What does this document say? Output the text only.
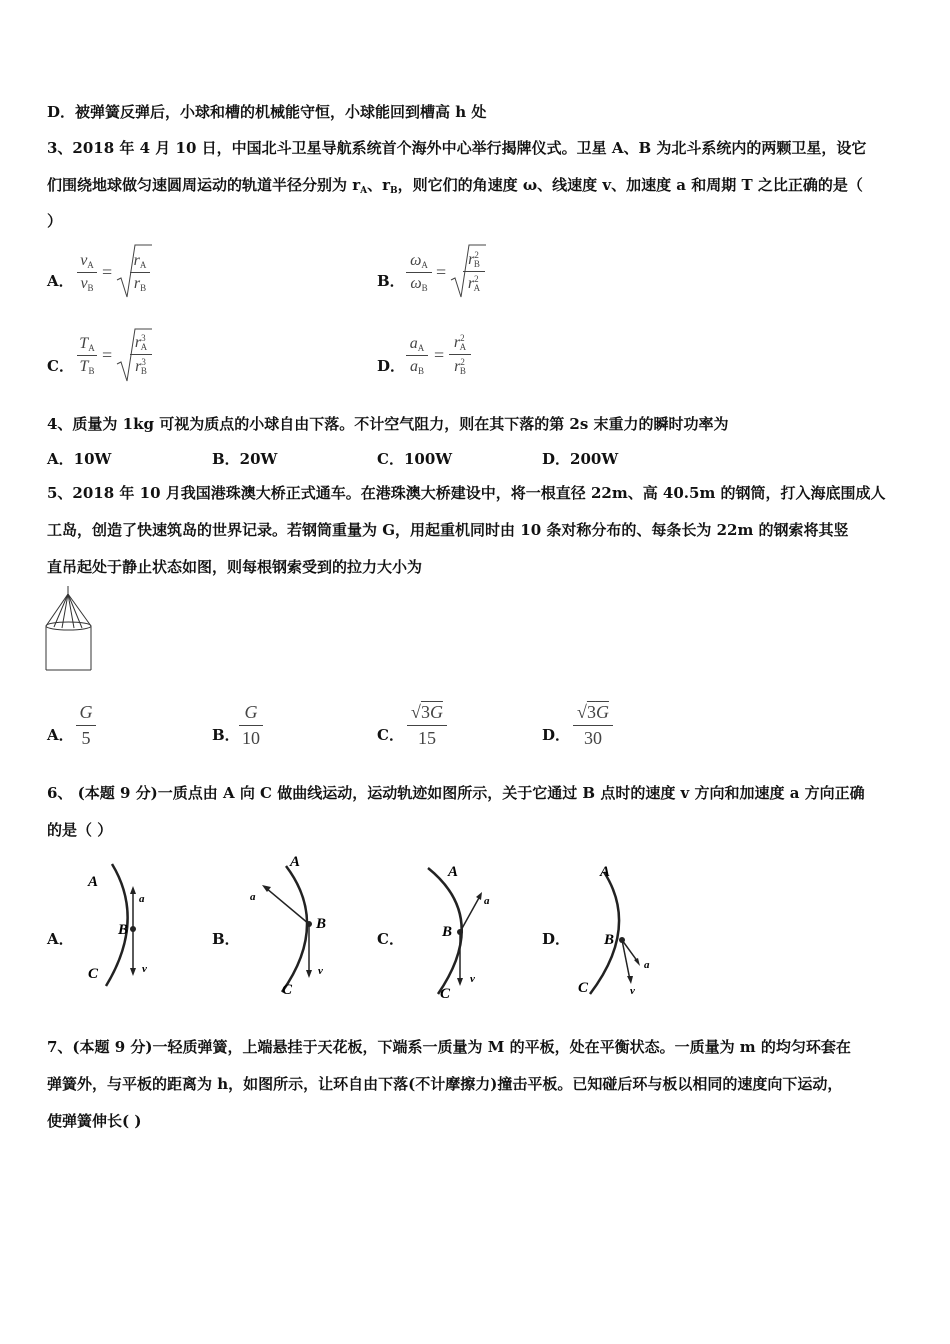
D．被弹簧反弹后，小球和槽的机械能守恒，小球能回到槽高 h 处
3、2018 年 4 月 10 日，中国北斗卫星导航系统首个海外中心举行揭牌仪式。卫星 A、B 为北斗系统内的两颗卫星，设它
们围绕地球做匀速圆周运动的轨道半径分别为 $r_A$、$r_B$，则它们的角速度 ω、线速度 v、加速度 a 和周期 T 之比正确的是（
）
A．
$v_A$
$v_B$
=
$r_A$
$r_B$	B．
$\omega_A$
$\omega_B$
=
$r^2_B$
$r^2_A$
C．
$T_A$
$T_B$
=
$r^3_A$
$r^3_B$	D．
$a_A$
$a_B$
=
$r^2_A$
$r^2_B$
4、质量为 1kg 可视为质点的小球自由下落。不计空气阻力，则在其下落的第 2s 末重力的瞬时功率为
A．10W	B．20W	C．100W	D．200W
5、2018 年 10 月我国港珠澳大桥正式通车。在港珠澳大桥建设中，将一根直径 22m、高 40.5m 的钢筒，打入海底围成人
工岛，创造了快速筑岛的世界记录。若钢筒重量为 G，用起重机同时由 10 条对称分布的、每条长为 22m 的钢索将其竖
直吊起处于静止状态如图，则每根钢索受到的拉力大小为
A．
G
5	B．
G
10	C．
$√3\overline{G}$
15	D．
$√3\overline{G}$
30
6、 (本题 9 分)一质点由 A 向 C 做曲线运动，运动轨迹如图所示，关于它通过 B 点时的速度 v 方向和加速度 a 方向正确
的是（ ）
A．	B．	C．	D．
A
a
B
v
C
A
a
B
v
C
A
a
B
v
C
A
a
B
v
C
7、(本题 9 分)一轻质弹簧，上端悬挂于天花板，下端系一质量为 M 的平板，处在平衡状态。一质量为 m 的均匀环套在
弹簧外，与平板的距离为 h，如图所示，让环自由下落(不计摩擦力)撞击平板。已知碰后环与板以相同的速度向下运动，
使弹簧伸长( )
